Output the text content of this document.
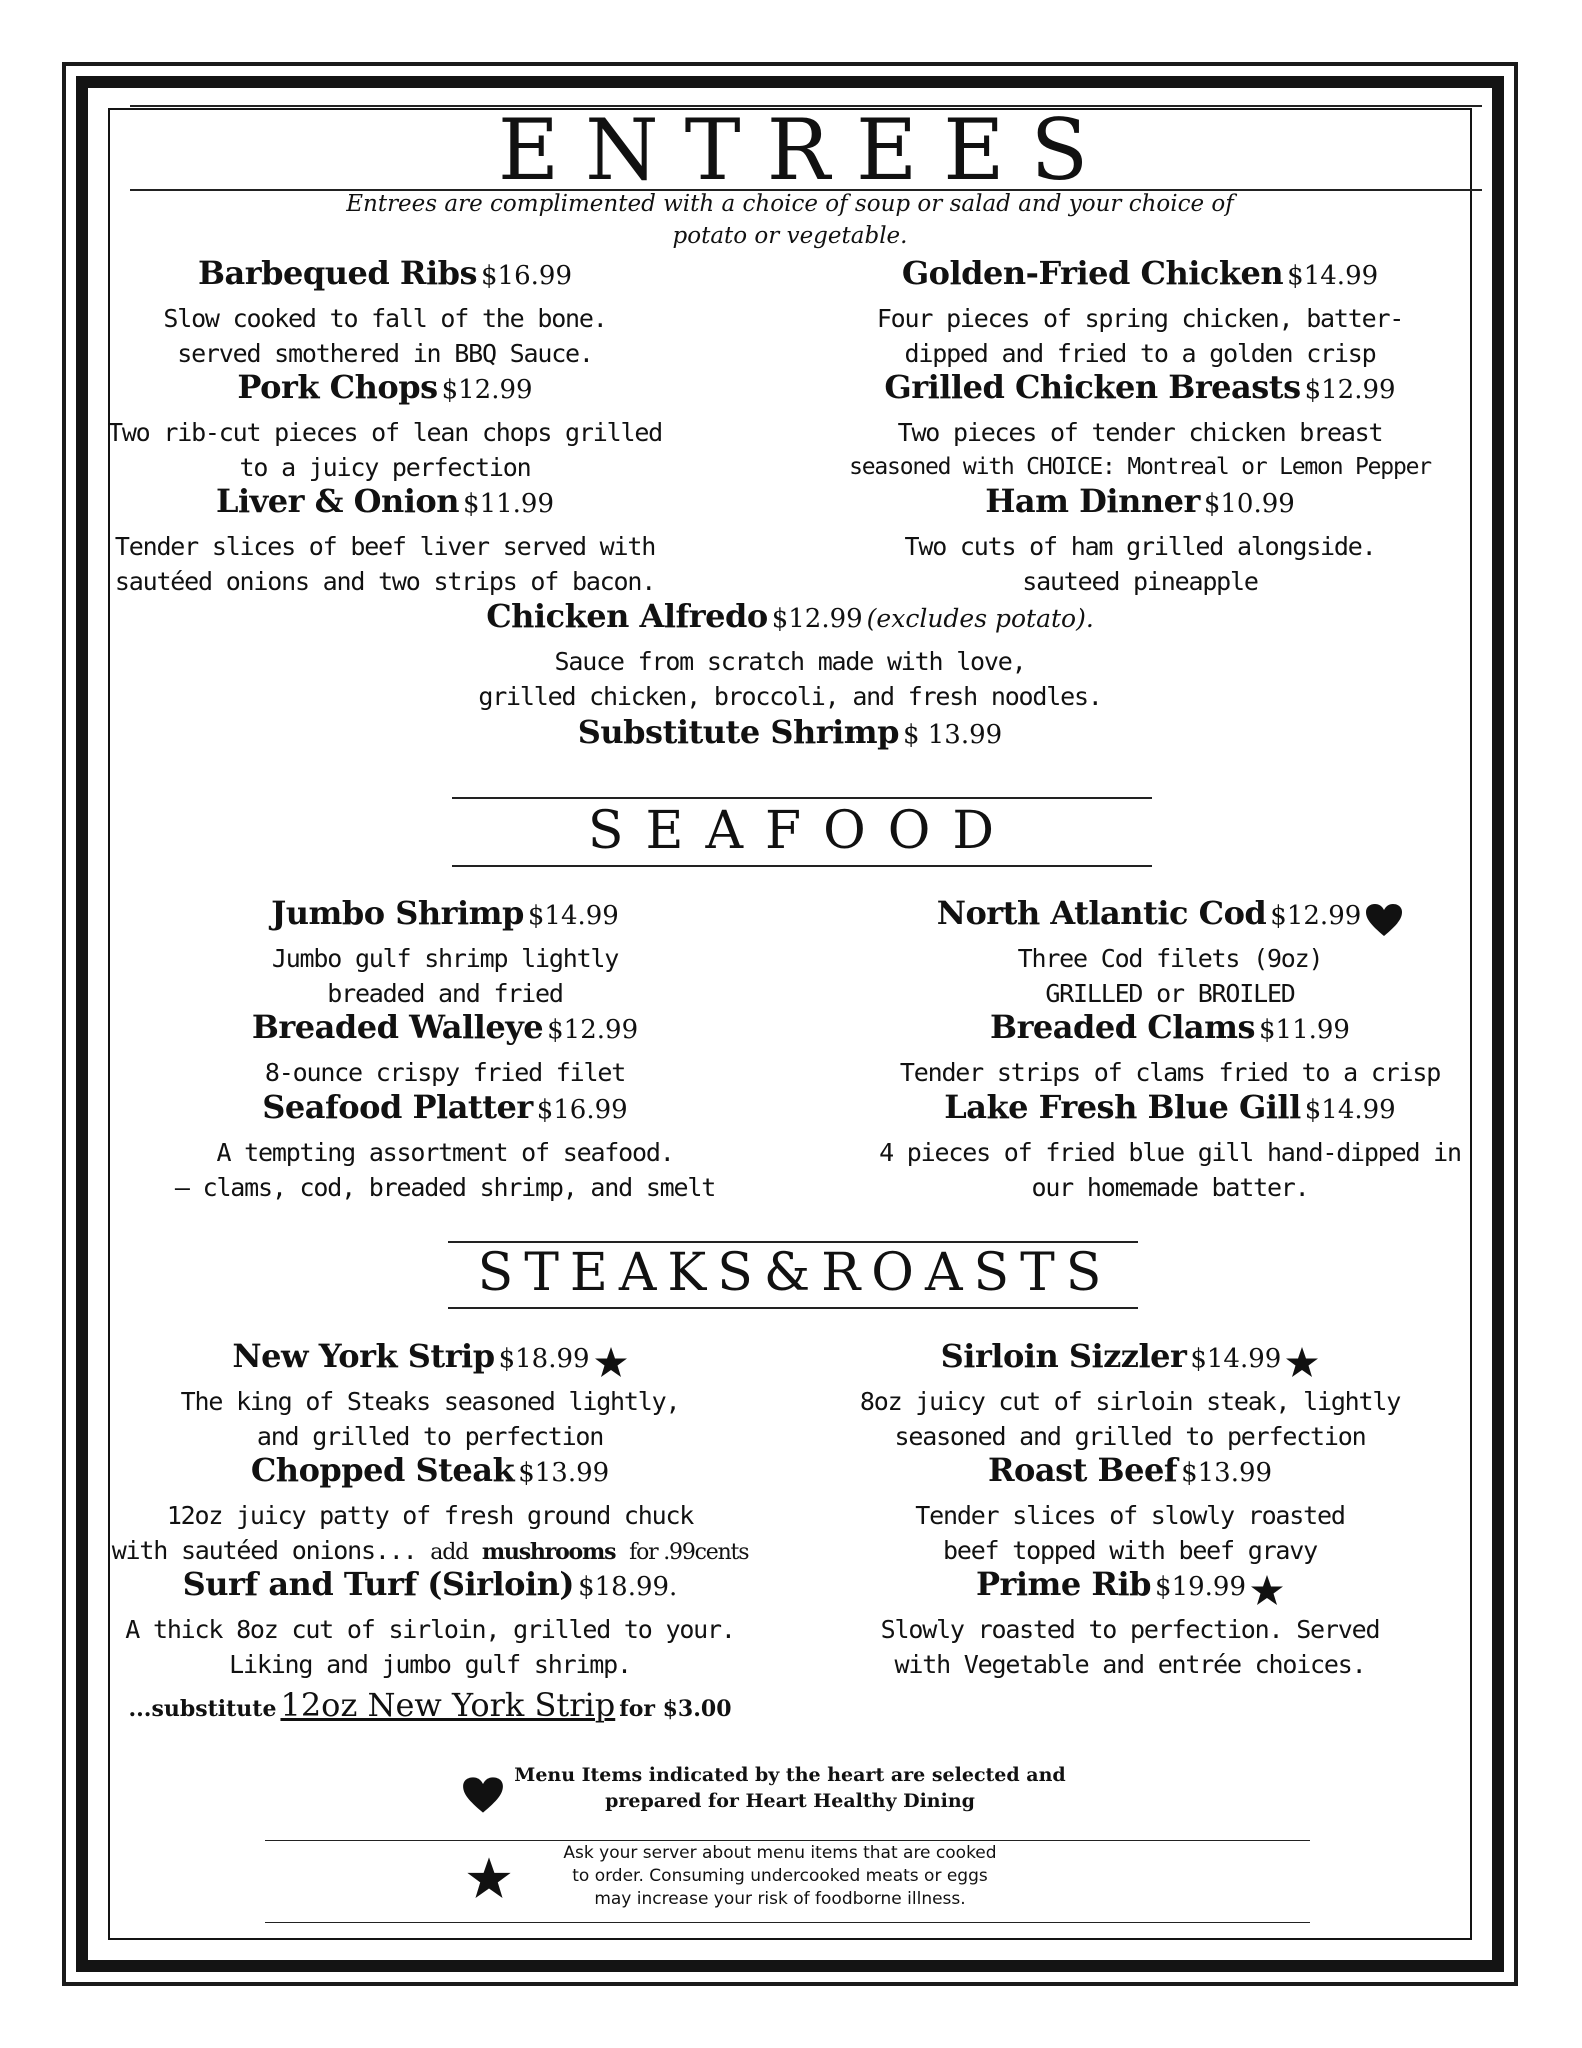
ENTREES
Entrees are complimented with a choice of soup or salad and your choice of
potato or vegetable.
Barbequed Ribs $16.99
Slow cooked to fall of the bone.
served smothered in BBQ Sauce.
Pork Chops $12.99
Two rib-cut pieces of lean chops grilled
to a juicy perfection
Liver & Onion $11.99
Tender slices of beef liver served with
sautéed onions and two strips of bacon.
Golden-Fried Chicken $14.99
Four pieces of spring chicken, batter-
dipped and fried to a golden crisp
Grilled Chicken Breasts $12.99
Two pieces of tender chicken breast
seasoned with CHOICE: Montreal or Lemon Pepper
Ham Dinner $10.99
Two cuts of ham grilled alongside.
sauteed pineapple
Chicken Alfredo $12.99 (excludes potato).
Sauce from scratch made with love,
grilled chicken, broccoli, and fresh noodles.
Substitute Shrimp $ 13.99
SEAFOOD
Jumbo Shrimp $14.99
Jumbo gulf shrimp lightly
breaded and fried
Breaded Walleye $12.99
8-ounce crispy fried filet
Seafood Platter $16.99
A tempting assortment of seafood.
– clams, cod, breaded shrimp, and smelt
North Atlantic Cod $12.99
Three Cod filets (9oz)
GRILLED or BROILED
Breaded Clams $11.99
Tender strips of clams fried to a crisp
Lake Fresh Blue Gill $14.99
4 pieces of fried blue gill hand-dipped in
our homemade batter.
STEAKS&ROASTS
New York Strip $18.99
The king of Steaks seasoned lightly,
and grilled to perfection
Chopped Steak $13.99
12oz juicy patty of fresh ground chuck
with sautéed onions... add mushrooms for .99cents
Surf and Turf (Sirloin) $18.99.
A thick 8oz cut of sirloin, grilled to your.
Liking and jumbo gulf shrimp.
...substitute 12oz New York Strip for $3.00
Sirloin Sizzler $14.99
8oz juicy cut of sirloin steak, lightly
seasoned and grilled to perfection
Roast Beef $13.99
Tender slices of slowly roasted
beef topped with beef gravy
Prime Rib $19.99
Slowly roasted to perfection. Served
with Vegetable and entrée choices.
Menu Items indicated by the heart are selected and
prepared for Heart Healthy Dining
Ask your server about menu items that are cooked
to order. Consuming undercooked meats or eggs
may increase your risk of foodborne illness.
